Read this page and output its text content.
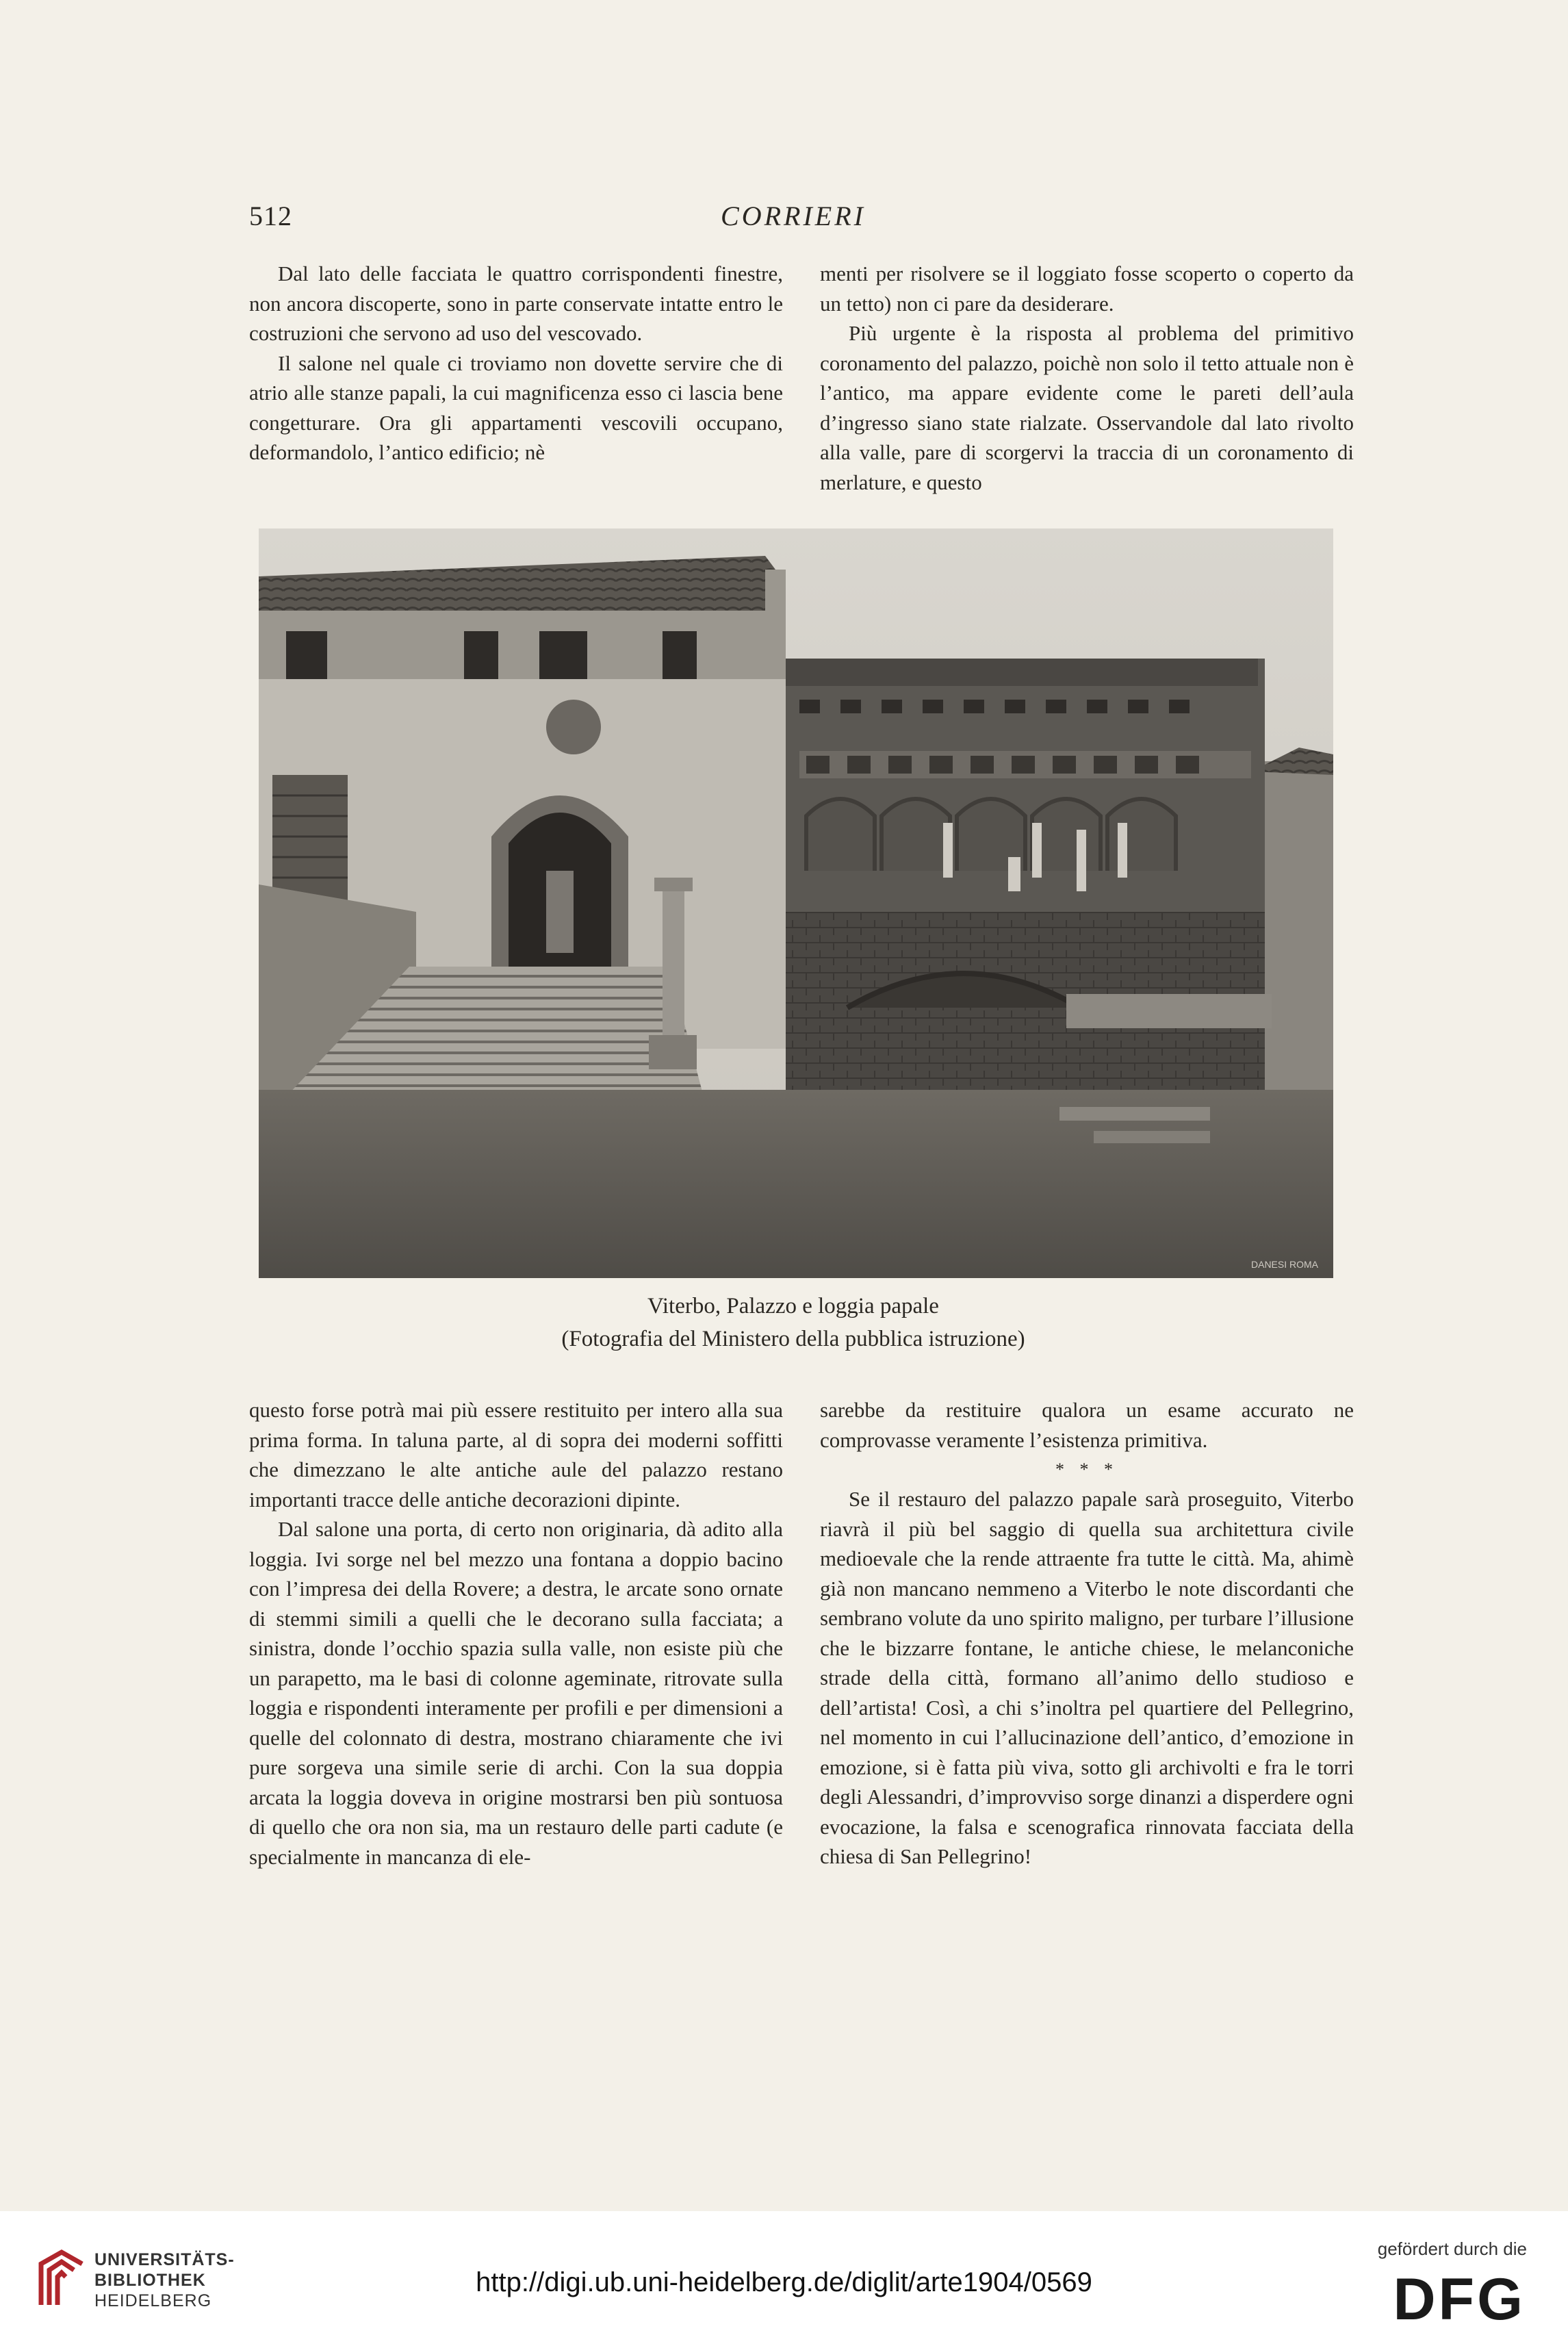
512	CORRIERI

Dal lato delle facciata le quattro corrispondenti finestre, non ancora discoperte, sono in parte conservate intatte entro le costruzioni che servono ad uso del vescovado.

Il salone nel quale ci troviamo non dovette servire che di atrio alle stanze papali, la cui magnificenza esso ci lascia bene congetturare. Ora gli appartamenti vescovili occupano, deformandolo, l’antico edificio; nè

menti per risolvere se il loggiato fosse scoperto o coperto da un tetto) non ci pare da desiderare.

Più urgente è la risposta al problema del primitivo coronamento del palazzo, poichè non solo il tetto attuale non è l’antico, ma appare evidente come le pareti dell’aula d’ingresso siano state rialzate. Osservandole dal lato rivolto alla valle, pare di scorgervi la traccia di un coronamento di merlature, e questo

DANESI ROMA
Viterbo, Palazzo e loggia papale
(Fotografia del Ministero della pubblica istruzione)

questo forse potrà mai più essere restituito per intero alla sua prima forma. In taluna parte, al di sopra dei moderni soffitti che dimezzano le alte antiche aule del palazzo restano importanti tracce delle antiche decorazioni dipinte.

Dal salone una porta, di certo non originaria, dà adito alla loggia. Ivi sorge nel bel mezzo una fontana a doppio bacino con l’impresa dei della Rovere; a destra, le arcate sono ornate di stemmi simili a quelli che le decorano sulla facciata; a sinistra, donde l’occhio spazia sulla valle, non esiste più che un parapetto, ma le basi di colonne ageminate, ritrovate sulla loggia e rispondenti interamente per profili e per dimensioni a quelle del colonnato di destra, mostrano chiaramente che ivi pure sorgeva una simile serie di archi. Con la sua doppia arcata la loggia doveva in origine mostrarsi ben più sontuosa di quello che ora non sia, ma un restauro delle parti cadute (e specialmente in mancanza di ele-

sarebbe da restituire qualora un esame accurato ne comprovasse veramente l’esistenza primitiva.

* * *

Se il restauro del palazzo papale sarà proseguito, Viterbo riavrà il più bel saggio di quella sua architettura civile medioevale che la rende attraente fra tutte le città. Ma, ahimè già non mancano nemmeno a Viterbo le note discordanti che sembrano volute da uno spirito maligno, per turbare l’illusione che le bizzarre fontane, le antiche chiese, le melanconiche strade della città, formano all’animo dello studioso e dell’artista! Così, a chi s’inoltra pel quartiere del Pellegrino, nel momento in cui l’allucinazione dell’antico, d’emozione in emozione, si è fatta più viva, sotto gli archivolti e fra le torri degli Alessandri, d’improvviso sorge dinanzi a disperdere ogni evocazione, la falsa e scenografica rinnovata facciata della chiesa di San Pellegrino!

UNIVERSITÄTS-
BIBLIOTHEK
HEIDELBERG
http://digi.ub.uni-heidelberg.de/diglit/arte1904/0569
gefördert durch die
DFG
